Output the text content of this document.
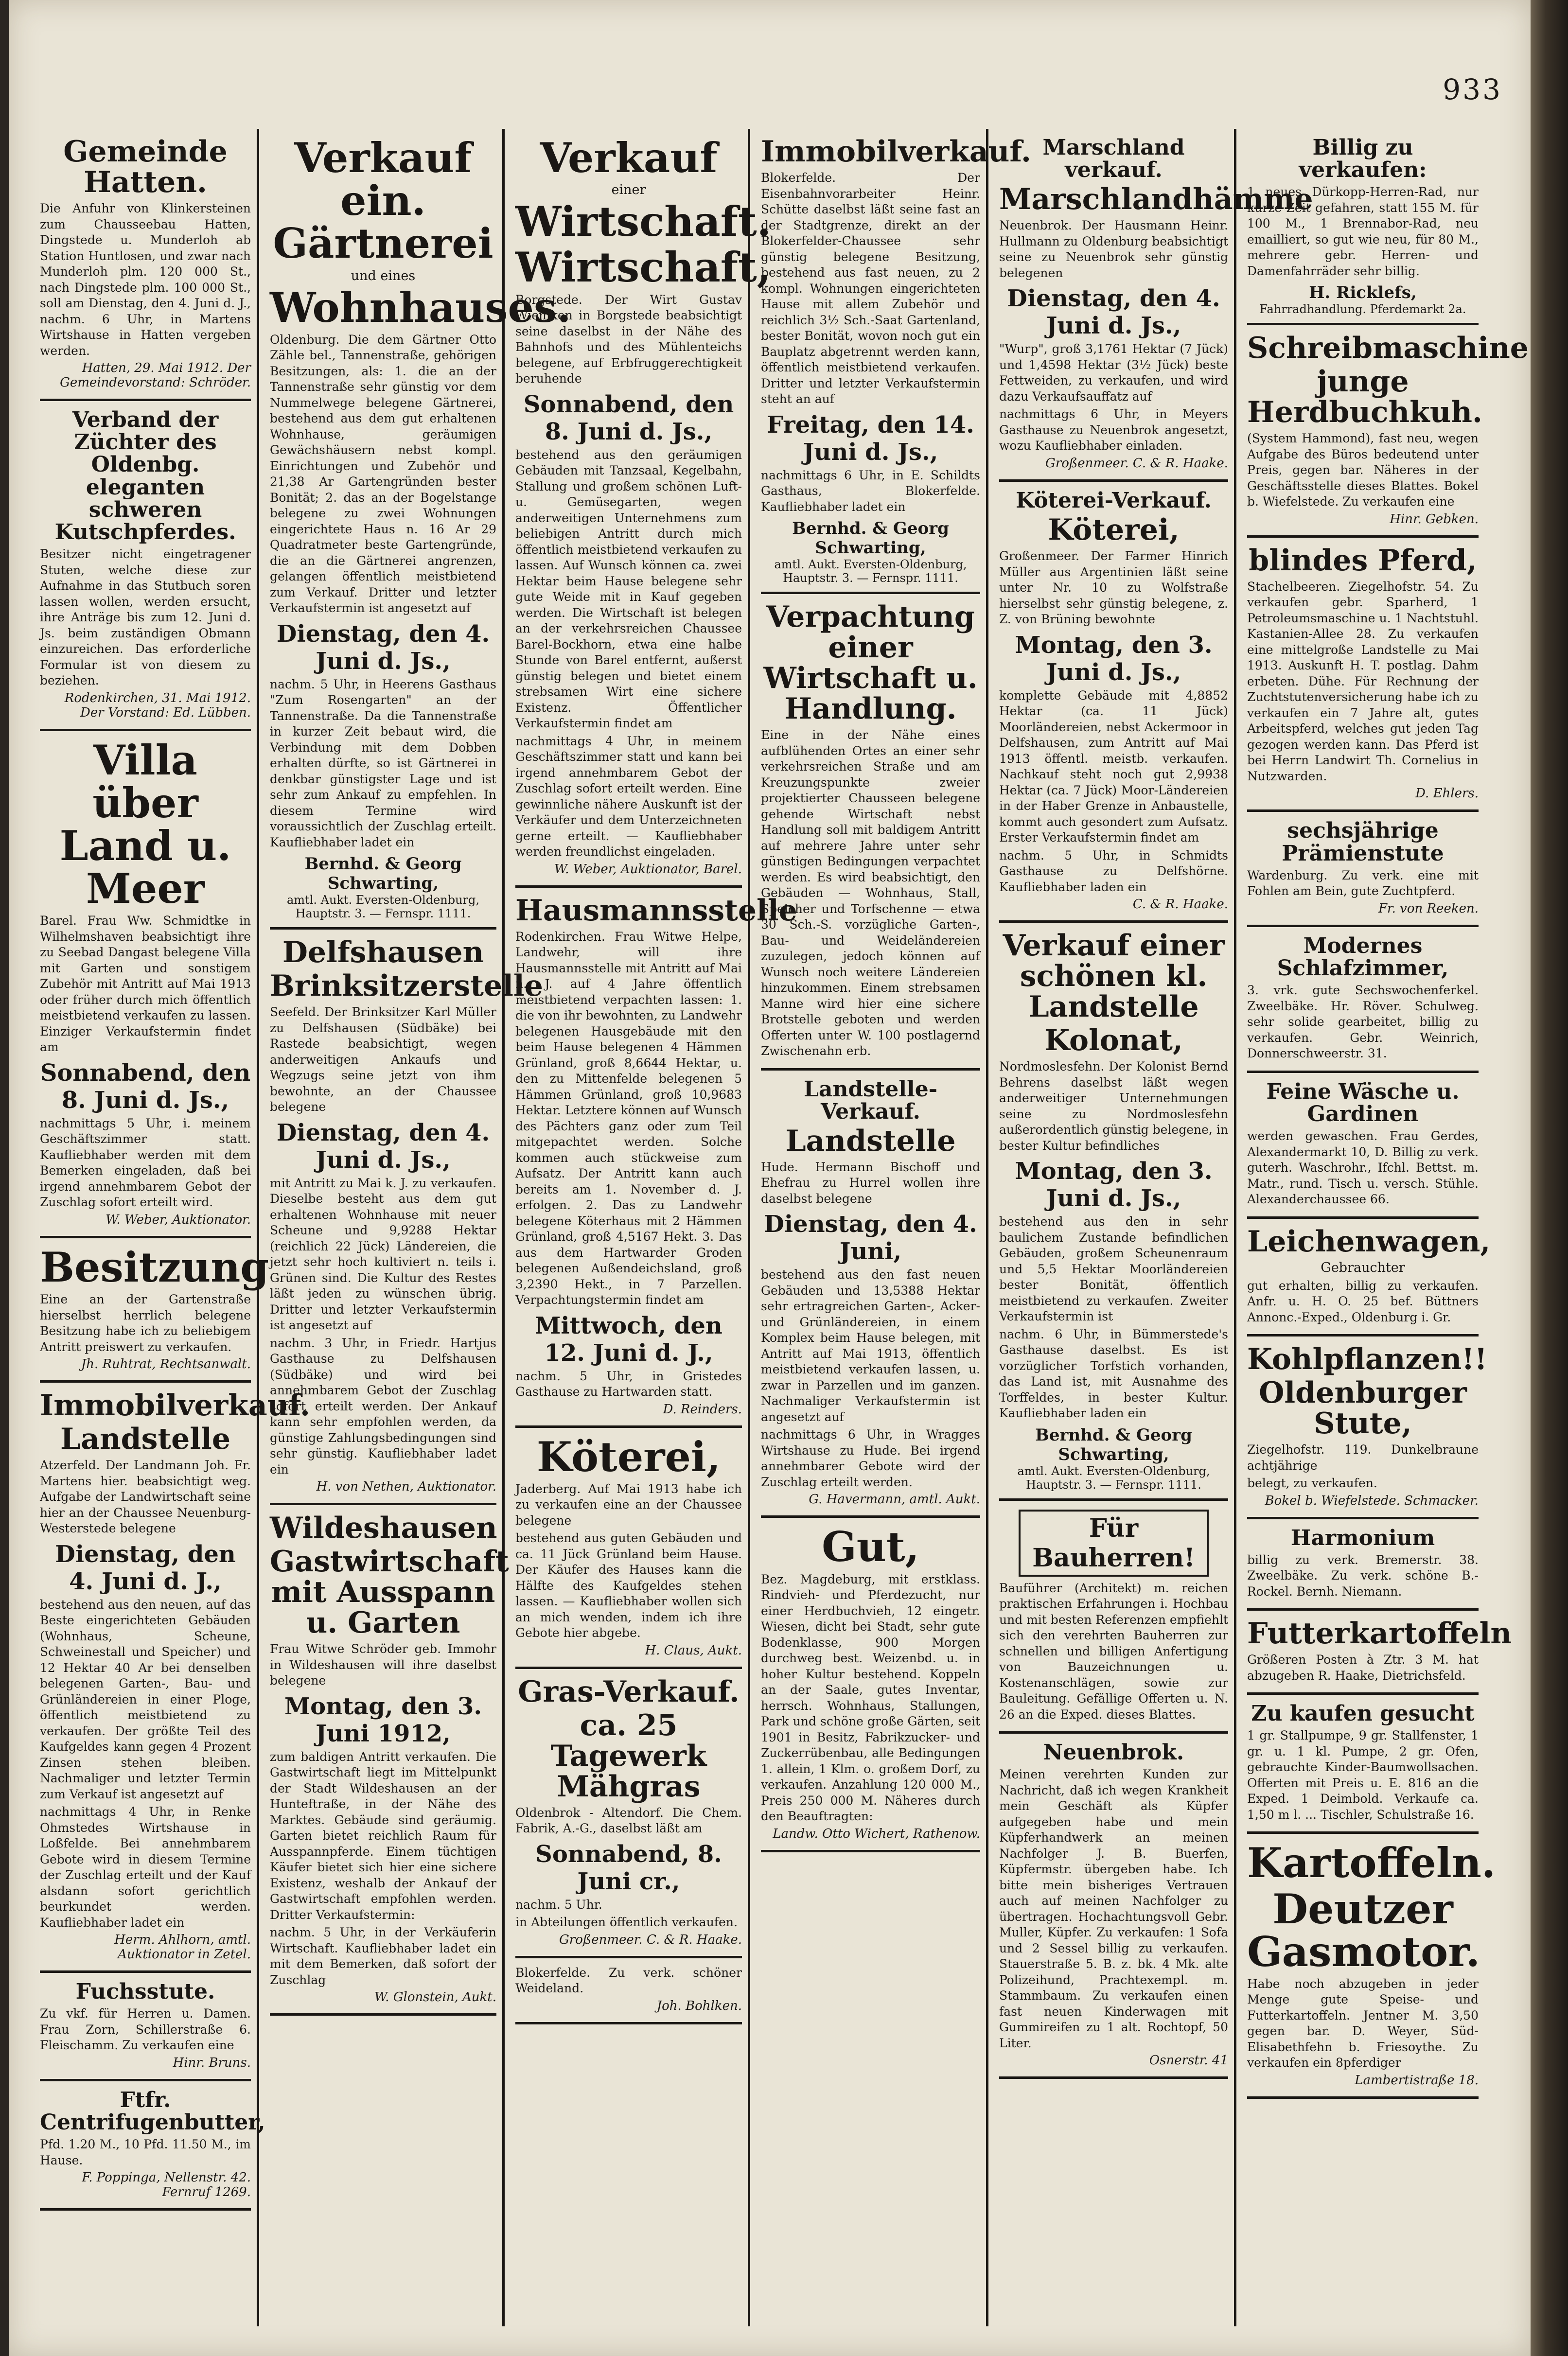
933
Gemeinde Hatten.
Die Anfuhr von Klinkersteinen zum Chausseebau Hatten, Dingstede u. Munderloh ab Station Huntlosen, und zwar nach Munderloh plm. 120 000 St., nach Dingstede plm. 100 000 St., soll am Dienstag, den 4. Juni d. J., nachm. 6 Uhr, in Martens Wirtshause in Hatten vergeben werden.
Hatten, 29. Mai 1912. Der Gemeindevorstand: Schröder.
Verband der Züchter des Oldenbg. eleganten schweren Kutschpferdes.
Besitzer nicht eingetragener Stuten, welche diese zur Aufnahme in das Stutbuch soren lassen wollen, werden ersucht, ihre Anträge bis zum 12. Juni d. Js. beim zuständigen Obmann einzureichen. Das erforderliche Formular ist von diesem zu beziehen.
Rodenkirchen, 31. Mai 1912. Der Vorstand: Ed. Lübben.
Villa über Land u. Meer
Barel. Frau Ww. Schmidtke in Wilhelmshaven beabsichtigt ihre zu Seebad Dangast belegene Villa mit Garten und sonstigem Zubehör mit Antritt auf Mai 1913 oder früher durch mich öffentlich meistbietend verkaufen zu lassen. Einziger Verkaufstermin findet am
Sonnabend, den 8. Juni d. Js.,
nachmittags 5 Uhr, i. meinem Geschäftszimmer statt. Kaufliebhaber werden mit dem Bemerken eingeladen, daß bei irgend annehmbarem Gebot der Zuschlag sofort erteilt wird.
W. Weber, Auktionator.
Besitzung
Eine an der Gartenstraße hierselbst herrlich belegene Besitzung habe ich zu beliebigem Antritt preiswert zu verkaufen.
Jh. Ruhtrat, Rechtsanwalt.
Immobilverkauf.
Landstelle
Atzerfeld. Der Landmann Joh. Fr. Martens hier. beabsichtigt weg. Aufgabe der Landwirtschaft seine hier an der Chaussee Neuenburg-Westerstede belegene
Dienstag, den 4. Juni d. J.,
bestehend aus den neuen, auf das Beste eingerichteten Gebäuden (Wohnhaus, Scheune, Schweinestall und Speicher) und 12 Hektar 40 Ar bei denselben belegenen Garten-, Bau- und Grünländereien in einer Ploge, öffentlich meistbietend zu verkaufen. Der größte Teil des Kaufgeldes kann gegen 4 Prozent Zinsen stehen bleiben. Nachmaliger und letzter Termin zum Verkauf ist angesetzt auf
nachmittags 4 Uhr, in Renke Ohmstedes Wirtshause in Loßfelde. Bei annehmbarem Gebote wird in diesem Termine der Zuschlag erteilt und der Kauf alsdann sofort gerichtlich beurkundet werden. Kaufliebhaber ladet ein
Herm. Ahlhorn, amtl. Auktionator in Zetel.
Fuchsstute.
Zu vkf. für Herren u. Damen. Frau Zorn, Schillerstraße 6. Fleischamm. Zu verkaufen eine
Hinr. Bruns.
Ftfr. Centrifugenbutter,
Pfd. 1.20 M., 10 Pfd. 11.50 M., im Hause.
F. Poppinga, Nellenstr. 42. Fernruf 1269.
Verkauf ein. Gärtnerei
und eines
Wohnhauses.
Oldenburg. Die dem Gärtner Otto Zähle bel., Tannenstraße, gehörigen Besitzungen, als: 1. die an der Tannenstraße sehr günstig vor dem Nummelwege belegene Gärtnerei, bestehend aus dem gut erhaltenen Wohnhause, geräumigen Gewächshäusern nebst kompl. Einrichtungen und Zubehör und 21,38 Ar Gartengründen bester Bonität; 2. das an der Bogelstange belegene zu zwei Wohnungen eingerichtete Haus n. 16 Ar 29 Quadratmeter beste Gartengründe, die an die Gärtnerei angrenzen, gelangen öffentlich meistbietend zum Verkauf. Dritter und letzter Verkaufstermin ist angesetzt auf
Dienstag, den 4. Juni d. Js.,
nachm. 5 Uhr, in Heerens Gasthaus "Zum Rosengarten" an der Tannenstraße. Da die Tannenstraße in kurzer Zeit bebaut wird, die Verbindung mit dem Dobben erhalten dürfte, so ist Gärtnerei in denkbar günstigster Lage und ist sehr zum Ankauf zu empfehlen. In diesem Termine wird voraussichtlich der Zuschlag erteilt. Kaufliebhaber ladet ein
Bernhd. & Georg Schwarting,
amtl. Aukt. Eversten-Oldenburg, Hauptstr. 3. — Fernspr. 1111.
Delfshausen
Brinksitzerstelle
Seefeld. Der Brinksitzer Karl Müller zu Delfshausen (Südbäke) bei Rastede beabsichtigt, wegen anderweitigen Ankaufs und Wegzugs seine jetzt von ihm bewohnte, an der Chaussee belegene
Dienstag, den 4. Juni d. Js.,
mit Antritt zu Mai k. J. zu verkaufen. Dieselbe besteht aus dem gut erhaltenen Wohnhause mit neuer Scheune und 9,9288 Hektar (reichlich 22 Jück) Ländereien, die jetzt sehr hoch kultiviert n. teils i. Grünen sind. Die Kultur des Restes läßt jeden zu wünschen übrig. Dritter und letzter Verkaufstermin ist angesetzt auf
nachm. 3 Uhr, in Friedr. Hartjus Gasthause zu Delfshausen (Südbäke) und wird bei annehmbarem Gebot der Zuschlag sofort erteilt werden. Der Ankauf kann sehr empfohlen werden, da günstige Zahlungsbedingungen sind sehr günstig. Kaufliebhaber ladet ein
H. von Nethen, Auktionator.
Wildeshausen
Gastwirtschaft mit Ausspann u. Garten
Frau Witwe Schröder geb. Immohr in Wildeshausen will ihre daselbst belegene
Montag, den 3. Juni 1912,
zum baldigen Antritt verkaufen. Die Gastwirtschaft liegt im Mittelpunkt der Stadt Wildeshausen an der Hunteftraße, in der Nähe des Marktes. Gebäude sind geräumig. Garten bietet reichlich Raum für Ausspannpferde. Einem tüchtigen Käufer bietet sich hier eine sichere Existenz, weshalb der Ankauf der Gastwirtschaft empfohlen werden. Dritter Verkaufstermin:
nachm. 5 Uhr, in der Verkäuferin Wirtschaft. Kaufliebhaber ladet ein mit dem Bemerken, daß sofort der Zuschlag
W. Glonstein, Aukt.
Verkauf
einer
Wirtschaft.
Wirtschaft,
Borgstede. Der Wirt Gustav Wiemken in Borgstede beabsichtigt seine daselbst in der Nähe des Bahnhofs und des Mühlenteichs belegene, auf Erbfruggerechtigkeit beruhende
Sonnabend, den 8. Juni d. Js.,
bestehend aus den geräumigen Gebäuden mit Tanzsaal, Kegelbahn, Stallung und großem schönen Luft- u. Gemüsegarten, wegen anderweitigen Unternehmens zum beliebigen Antritt durch mich öffentlich meistbietend verkaufen zu lassen. Auf Wunsch können ca. zwei Hektar beim Hause belegene sehr gute Weide mit in Kauf gegeben werden. Die Wirtschaft ist belegen an der verkehrsreichen Chaussee Barel-Bockhorn, etwa eine halbe Stunde von Barel entfernt, außerst günstig belegen und bietet einem strebsamen Wirt eine sichere Existenz. Öffentlicher Verkaufstermin findet am
nachmittags 4 Uhr, in meinem Geschäftszimmer statt und kann bei irgend annehmbarem Gebot der Zuschlag sofort erteilt werden. Eine gewinnliche nähere Auskunft ist der Verkäufer und dem Unterzeichneten gerne erteilt. — Kaufliebhaber werden freundlichst eingeladen.
W. Weber, Auktionator, Barel.
Hausmannsstelle
Rodenkirchen. Frau Witwe Helpe, Landwehr, will ihre Hausmannsstelle mit Antritt auf Mai n. J. auf 4 Jahre öffentlich meistbietend verpachten lassen: 1. die von ihr bewohnten, zu Landwehr belegenen Hausgebäude mit den beim Hause belegenen 4 Hämmen Grünland, groß 8,6644 Hektar, u. den zu Mittenfelde belegenen 5 Hämmen Grünland, groß 10,9683 Hektar. Letztere können auf Wunsch des Pächters ganz oder zum Teil mitgepachtet werden. Solche kommen auch stückweise zum Aufsatz. Der Antritt kann auch bereits am 1. November d. J. erfolgen. 2. Das zu Landwehr belegene Köterhaus mit 2 Hämmen Grünland, groß 4,5167 Hekt. 3. Das aus dem Hartwarder Groden belegenen Außendeichsland, groß 3,2390 Hekt., in 7 Parzellen. Verpachtungstermin findet am
Mittwoch, den 12. Juni d. J.,
nachm. 5 Uhr, in Gristedes Gasthause zu Hartwarden statt.
D. Reinders.
Köterei,
Jaderberg. Auf Mai 1913 habe ich zu verkaufen eine an der Chaussee belegene
bestehend aus guten Gebäuden und ca. 11 Jück Grünland beim Hause. Der Käufer des Hauses kann die Hälfte des Kaufgeldes stehen lassen. — Kaufliebhaber wollen sich an mich wenden, indem ich ihre Gebote hier abgebe.
H. Claus, Aukt.
Gras-Verkauf.
ca. 25 Tagewerk Mähgras
Oldenbrok - Altendorf. Die Chem. Fabrik, A.-G., daselbst läßt am
Sonnabend, 8. Juni cr.,
nachm. 5 Uhr.
in Abteilungen öffentlich verkaufen.
Großenmeer. C. & R. Haake.
Blokerfelde. Zu verk. schöner Weideland.
Joh. Bohlken.
Immobilverkauf.
Blokerfelde. Der Eisenbahnvorarbeiter Heinr. Schütte daselbst läßt seine fast an der Stadtgrenze, direkt an der Blokerfelder-Chaussee sehr günstig belegene Besitzung, bestehend aus fast neuen, zu 2 kompl. Wohnungen eingerichteten Hause mit allem Zubehör und reichlich 3½ Sch.-Saat Gartenland, bester Bonität, wovon noch gut ein Bauplatz abgetrennt werden kann, öffentlich meistbietend verkaufen. Dritter und letzter Verkaufstermin steht an auf
Freitag, den 14. Juni d. Js.,
nachmittags 6 Uhr, in E. Schildts Gasthaus, Blokerfelde. Kaufliebhaber ladet ein
Bernhd. & Georg Schwarting,
amtl. Aukt. Eversten-Oldenburg, Hauptstr. 3. — Fernspr. 1111.
Verpachtung einer Wirtschaft u. Handlung.
Eine in der Nähe eines aufblühenden Ortes an einer sehr verkehrsreichen Straße und am Kreuzungspunkte zweier projektierter Chausseen belegene gehende Wirtschaft nebst Handlung soll mit baldigem Antritt auf mehrere Jahre unter sehr günstigen Bedingungen verpachtet werden. Es wird beabsichtigt, den Gebäuden — Wohnhaus, Stall, Speicher und Torfschenne — etwa 30 Sch.-S. vorzügliche Garten-, Bau- und Weideländereien zuzulegen, jedoch können auf Wunsch noch weitere Ländereien hinzukommen. Einem strebsamen Manne wird hier eine sichere Brotstelle geboten und werden Offerten unter W. 100 postlagernd Zwischenahn erb.
Landstelle-Verkauf.
Landstelle
Hude. Hermann Bischoff und Ehefrau zu Hurrel wollen ihre daselbst belegene
Dienstag, den 4. Juni,
bestehend aus den fast neuen Gebäuden und 13,5388 Hektar sehr ertragreichen Garten-, Acker- und Grünländereien, in einem Komplex beim Hause belegen, mit Antritt auf Mai 1913, öffentlich meistbietend verkaufen lassen, u. zwar in Parzellen und im ganzen. Nachmaliger Verkaufstermin ist angesetzt auf
nachmittags 6 Uhr, in Wragges Wirtshause zu Hude. Bei irgend annehmbarer Gebote wird der Zuschlag erteilt werden.
G. Havermann, amtl. Aukt.
Gut,
Bez. Magdeburg, mit erstklass. Rindvieh- und Pferdezucht, nur einer Herdbuchvieh, 12 eingetr. Wiesen, dicht bei Stadt, sehr gute Bodenklasse, 900 Morgen durchweg best. Weizenbd. u. in hoher Kultur bestehend. Koppeln an der Saale, gutes Inventar, herrsch. Wohnhaus, Stallungen, Park und schöne große Gärten, seit 1901 in Besitz, Fabrikzucker- und Zuckerrübenbau, alle Bedingungen 1. allein, 1 Klm. o. großem Dorf, zu verkaufen. Anzahlung 120 000 M., Preis 250 000 M. Näheres durch den Beauftragten:
Landw. Otto Wichert, Rathenow.
Marschland verkauf.
Marschlandhämme
Neuenbrok. Der Hausmann Heinr. Hullmann zu Oldenburg beabsichtigt seine zu Neuenbrok sehr günstig belegenen
Dienstag, den 4. Juni d. Js.,
"Wurp", groß 3,1761 Hektar (7 Jück) und 1,4598 Hektar (3½ Jück) beste Fettweiden, zu verkaufen, und wird dazu Verkaufsauffatz auf
nachmittags 6 Uhr, in Meyers Gasthause zu Neuenbrok angesetzt, wozu Kaufliebhaber einladen.
Großenmeer. C. & R. Haake.
Köterei-Verkauf.
Köterei,
Großenmeer. Der Farmer Hinrich Müller aus Argentinien läßt seine unter Nr. 10 zu Wolfstraße hierselbst sehr günstig belegene, z. Z. von Brüning bewohnte
Montag, den 3. Juni d. Js.,
komplette Gebäude mit 4,8852 Hektar (ca. 11 Jück) Moorländereien, nebst Ackermoor in Delfshausen, zum Antritt auf Mai 1913 öffentl. meistb. verkaufen. Nachkauf steht noch gut 2,9938 Hektar (ca. 7 Jück) Moor-Ländereien in der Haber Grenze in Anbaustelle, kommt auch gesondert zum Aufsatz. Erster Verkaufstermin findet am
nachm. 5 Uhr, in Schmidts Gasthause zu Delfshörne. Kaufliebhaber laden ein
C. & R. Haake.
Verkauf einer schönen kl. Landstelle
Kolonat,
Nordmoslesfehn. Der Kolonist Bernd Behrens daselbst läßt wegen anderweitiger Unternehmungen seine zu Nordmoslesfehn außerordentlich günstig belegene, in bester Kultur befindliches
Montag, den 3. Juni d. Js.,
bestehend aus den in sehr baulichem Zustande befindlichen Gebäuden, großem Scheunenraum und 5,5 Hektar Moorländereien bester Bonität, öffentlich meistbietend zu verkaufen. Zweiter Verkaufstermin ist
nachm. 6 Uhr, in Bümmerstede's Gasthause daselbst. Es ist vorzüglicher Torfstich vorhanden, das Land ist, mit Ausnahme des Torffeldes, in bester Kultur. Kaufliebhaber laden ein
Bernhd. & Georg Schwarting,
amtl. Aukt. Eversten-Oldenburg, Hauptstr. 3. — Fernspr. 1111.
Für Bauherren!
Bauführer (Architekt) m. reichen praktischen Erfahrungen i. Hochbau und mit besten Referenzen empfiehlt sich den verehrten Bauherren zur schnellen und billigen Anfertigung von Bauzeichnungen u. Kostenanschlägen, sowie zur Bauleitung. Gefällige Offerten u. N. 26 an die Exped. dieses Blattes.
Neuenbrok.
Meinen verehrten Kunden zur Nachricht, daß ich wegen Krankheit mein Geschäft als Küpfer aufgegeben habe und mein Küpferhandwerk an meinen Nachfolger J. B. Buerfen, Küpfermstr. übergeben habe. Ich bitte mein bisheriges Vertrauen auch auf meinen Nachfolger zu übertragen. Hochachtungsvoll Gebr. Muller, Küpfer. Zu verkaufen: 1 Sofa und 2 Sessel billig zu verkaufen. Stauerstraße 5. B. z. bk. 4 Mk. alte Polizeihund, Prachtexempl. m. Stammbaum. Zu verkaufen einen fast neuen Kinderwagen mit Gummireifen zu 1 alt. Rochtopf, 50 Liter.
Osnerstr. 41
Billig zu verkaufen:
1 neues Dürkopp-Herren-Rad, nur kurze Zeit gefahren, statt 155 M. für 100 M., 1 Brennabor-Rad, neu emailliert, so gut wie neu, für 80 M., mehrere gebr. Herren- und Damenfahrräder sehr billig.
H. Ricklefs,
Fahrradhandlung. Pferdemarkt 2a.
Schreibmaschine
junge Herdbuchkuh.
(System Hammond), fast neu, wegen Aufgabe des Büros bedeutend unter Preis, gegen bar. Näheres in der Geschäftsstelle dieses Blattes. Bokel b. Wiefelstede. Zu verkaufen eine
Hinr. Gebken.
blindes Pferd,
Stachelbeeren. Ziegelhofstr. 54. Zu verkaufen gebr. Sparherd, 1 Petroleumsmaschine u. 1 Nachtstuhl. Kastanien-Allee 28. Zu verkaufen eine mittelgroße Landstelle zu Mai 1913. Auskunft H. T. postlag. Dahm erbeten. Dühe. Für Rechnung der Zuchtstutenversicherung habe ich zu verkaufen ein 7 Jahre alt, gutes Arbeitspferd, welches gut jeden Tag gezogen werden kann. Das Pferd ist bei Herrn Landwirt Th. Cornelius in Nutzwarden.
D. Ehlers.
sechsjährige Prämienstute
Wardenburg. Zu verk. eine mit Fohlen am Bein, gute Zuchtpferd.
Fr. von Reeken.
Modernes Schlafzimmer,
3. vrk. gute Sechswochenferkel. Zweelbäke. Hr. Röver. Schulweg. sehr solide gearbeitet, billig zu verkaufen. Gebr. Weinrich, Donnerschweerstr. 31.
Feine Wäsche u. Gardinen
werden gewaschen. Frau Gerdes, Alexandermarkt 10, D. Billig zu verk. guterh. Waschrohr., Ifchl. Bettst. m. Matr., rund. Tisch u. versch. Stühle. Alexanderchaussee 66.
Leichenwagen,
Gebrauchter
gut erhalten, billig zu verkaufen. Anfr. u. H. O. 25 bef. Büttners Annonc.-Exped., Oldenburg i. Gr.
Kohlpflanzen!!
Oldenburger Stute,
Ziegelhofstr. 119. Dunkelbraune achtjährige
belegt, zu verkaufen.
Bokel b. Wiefelstede. Schmacker.
Harmonium
billig zu verk. Bremerstr. 38. Zweelbäke. Zu verk. schöne B.-Rockel. Bernh. Niemann.
Futterkartoffeln
Größeren Posten à Ztr. 3 M. hat abzugeben R. Haake, Dietrichsfeld.
Zu kaufen gesucht
1 gr. Stallpumpe, 9 gr. Stallfenster, 1 gr. u. 1 kl. Pumpe, 2 gr. Ofen, gebrauchte Kinder-Baumwollsachen. Offerten mit Preis u. E. 816 an die Exped. 1 Deimbold. Verkaufe ca. 1,50 m l. ... Tischler, Schulstraße 16.
Kartoffeln.
Deutzer Gasmotor.
Habe noch abzugeben in jeder Menge gute Speise- und Futterkartoffeln. Jentner M. 3,50 gegen bar. D. Weyer, Süd-Elisabethfehn b. Friesoythe. Zu verkaufen ein 8pferdiger
Lambertistraße 18.
